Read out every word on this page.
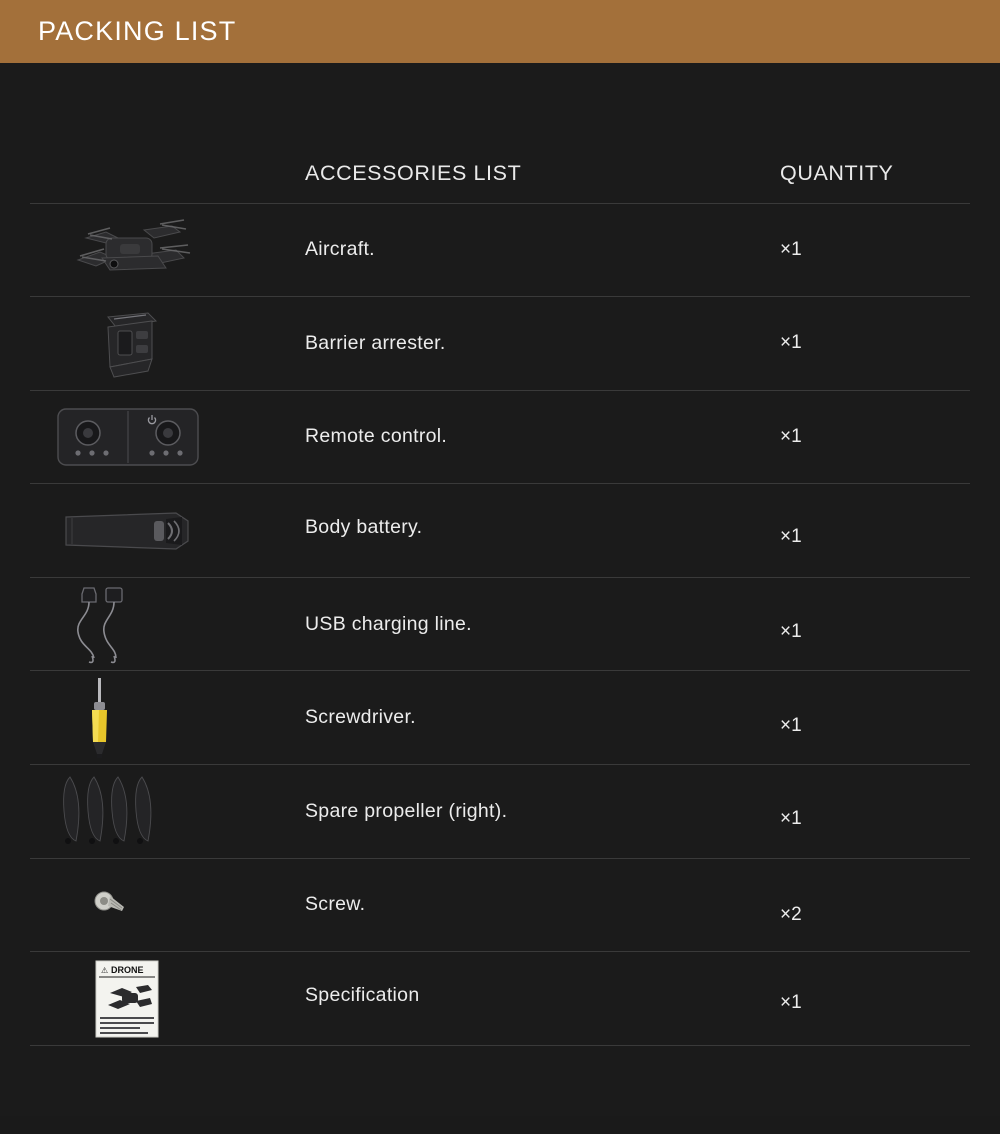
PACKING LIST
	ACCESSORIES LIST	QUANTITY

	Aircraft.	×1

	Barrier arrester.	×1

	Remote control.	×1

	Body battery.	×1

	USB charging line.	×1

	Screwdriver.	×1

	Spare propeller (right).	×1

	Screw.	×2

⚠ DRONE	Specification	×1
